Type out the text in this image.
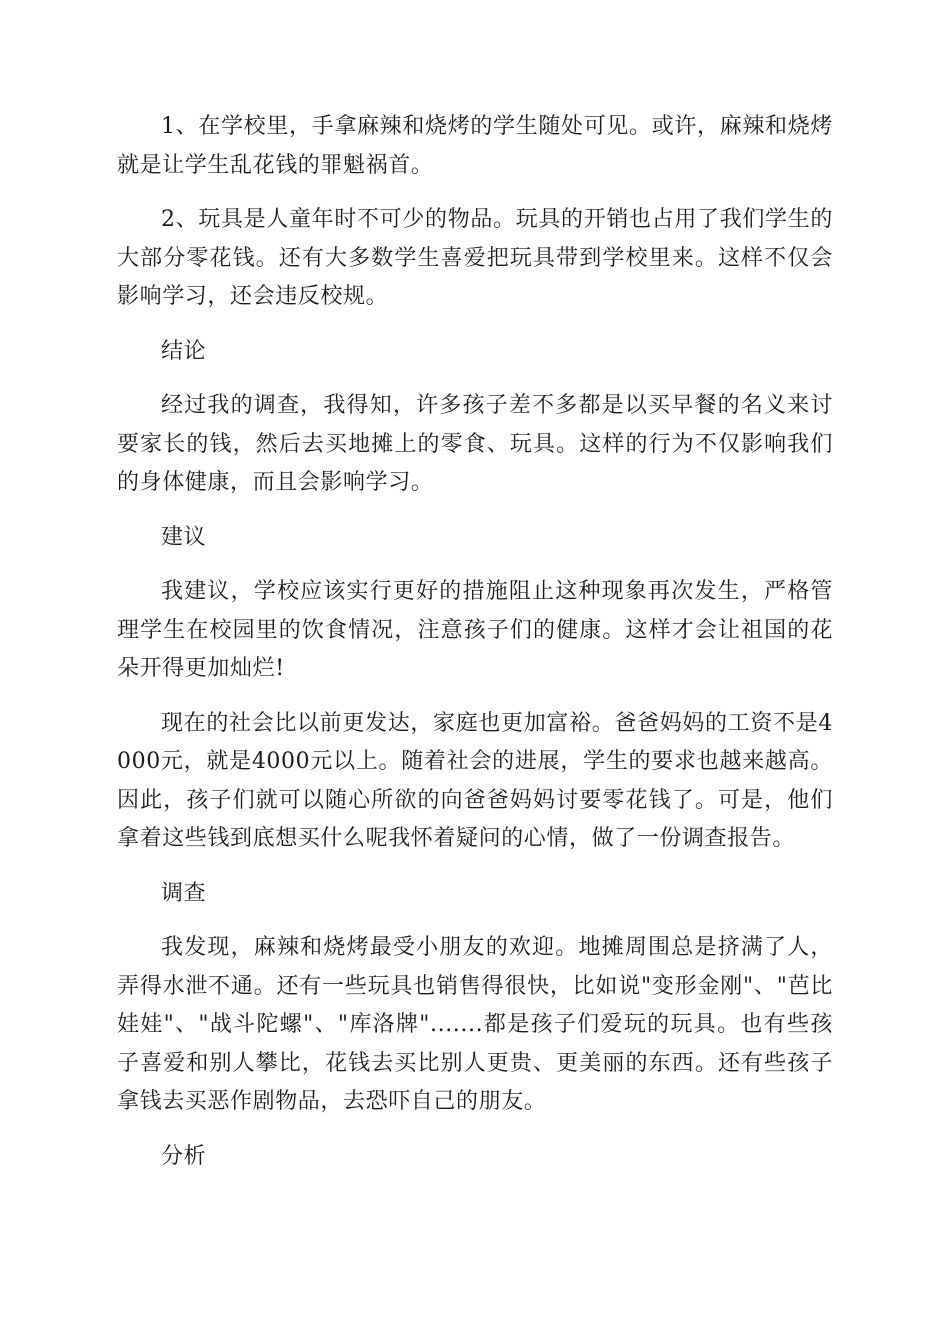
1、在学校里，手拿麻辣和烧烤的学生随处可见。或许，麻辣和烧烤就是让学生乱花钱的罪魁祸首。

2、玩具是人童年时不可少的物品。玩具的开销也占用了我们学生的大部分零花钱。还有大多数学生喜爱把玩具带到学校里来。这样不仅会影响学习，还会违反校规。

结论

经过我的调查，我得知，许多孩子差不多都是以买早餐的名义来讨要家长的钱，然后去买地摊上的零食、玩具。这样的行为不仅影响我们的身体健康，而且会影响学习。

建议

我建议，学校应该实行更好的措施阻止这种现象再次发生，严格管理学生在校园里的饮食情况，注意孩子们的健康。这样才会让祖国的花朵开得更加灿烂!

现在的社会比以前更发达，家庭也更加富裕。爸爸妈妈的工资不是4000元，就是4000元以上。随着社会的进展，学生的要求也越来越高。因此，孩子们就可以随心所欲的向爸爸妈妈讨要零花钱了。可是，他们拿着这些钱到底想买什么呢我怀着疑问的心情，做了一份调查报告。

调查

我发现，麻辣和烧烤最受小朋友的欢迎。地摊周围总是挤满了人，弄得水泄不通。还有一些玩具也销售得很快，比如说"变形金刚"、"芭比娃娃"、"战斗陀螺"、"库洛牌".......都是孩子们爱玩的玩具。也有些孩子喜爱和别人攀比，花钱去买比别人更贵、更美丽的东西。还有些孩子拿钱去买恶作剧物品，去恐吓自己的朋友。

分析
